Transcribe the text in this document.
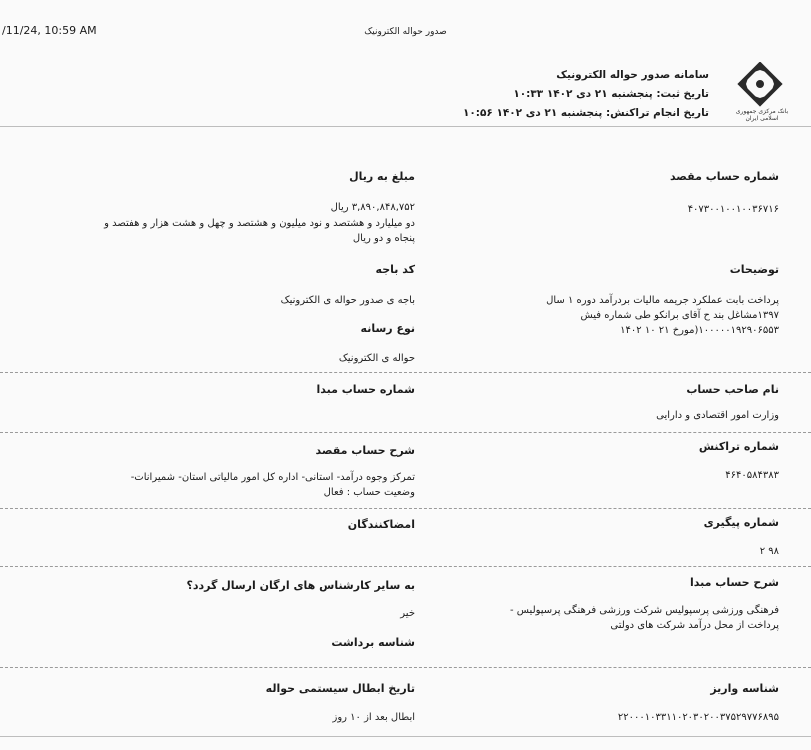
/11/24, 10:59 AM	صدور حواله الکترونیک
بانک مرکزی جمهوری اسلامی ایران
سامانه صدور حواله الکترونیک
تاریخ ثبت: پنجشنبه ۲۱ دی ۱۴۰۲ ۱۰:۳۳
تاریخ انجام تراکنش: پنجشنبه ۲۱ دی ۱۴۰۲ ۱۰:۵۶
شماره حساب مقصد
۴۰۷۳۰۰۱۰۰۱۰۰۳۶۷۱۶
مبلغ به ریال
۳,۸۹۰,۸۴۸,۷۵۲ ریال
دو میلیارد و هشتصد و نود میلیون و هشتصد و چهل و هشت هزار و هفتصد و پنجاه و دو ریال
توضیحات
پرداخت بابت عملکرد جریمه مالیات بردرآمد دوره ۱ سال ۱۳۹۷مشاغل بند ح آقای برانکو طی شماره فیش ۱۰۰۰۰۰۱۹۲۹۰۶۵۵۳(مورخ ۲۱ ۱۰ ۱۴۰۲
کد باجه
باجه ی صدور حواله ی الکترونیک
نوع رسانه
حواله ی الکترونیک
نام صاحب حساب
وزارت امور اقتصادی و دارایی
شماره حساب مبدا
شماره تراکنش
۴۶۴۰۵۸۴۳۸۳
شرح حساب مقصد
تمرکز وجوه درآمد- استانی- اداره کل امور مالیاتی استان- شمیرانات- وضعیت حساب : فعال
شماره پیگیری
۹۸ ۲
امضاکنندگان
شرح حساب مبدا
فرهنگی ورزشی پرسپولیس شرکت ورزشی فرهنگی پرسپولیس - پرداخت از محل درآمد شرکت های دولتی
به سایر کارشناس های ارگان ارسال گردد؟
خیر
شناسه برداشت
شناسه واریز
۲۲۰۰۰۱۰۳۳۱۱۰۲۰۳۰۲۰۰۳۷۵۲۹۷۷۶۸۹۵
تاریخ ابطال سیستمی حواله
ابطال بعد از ۱۰ روز
